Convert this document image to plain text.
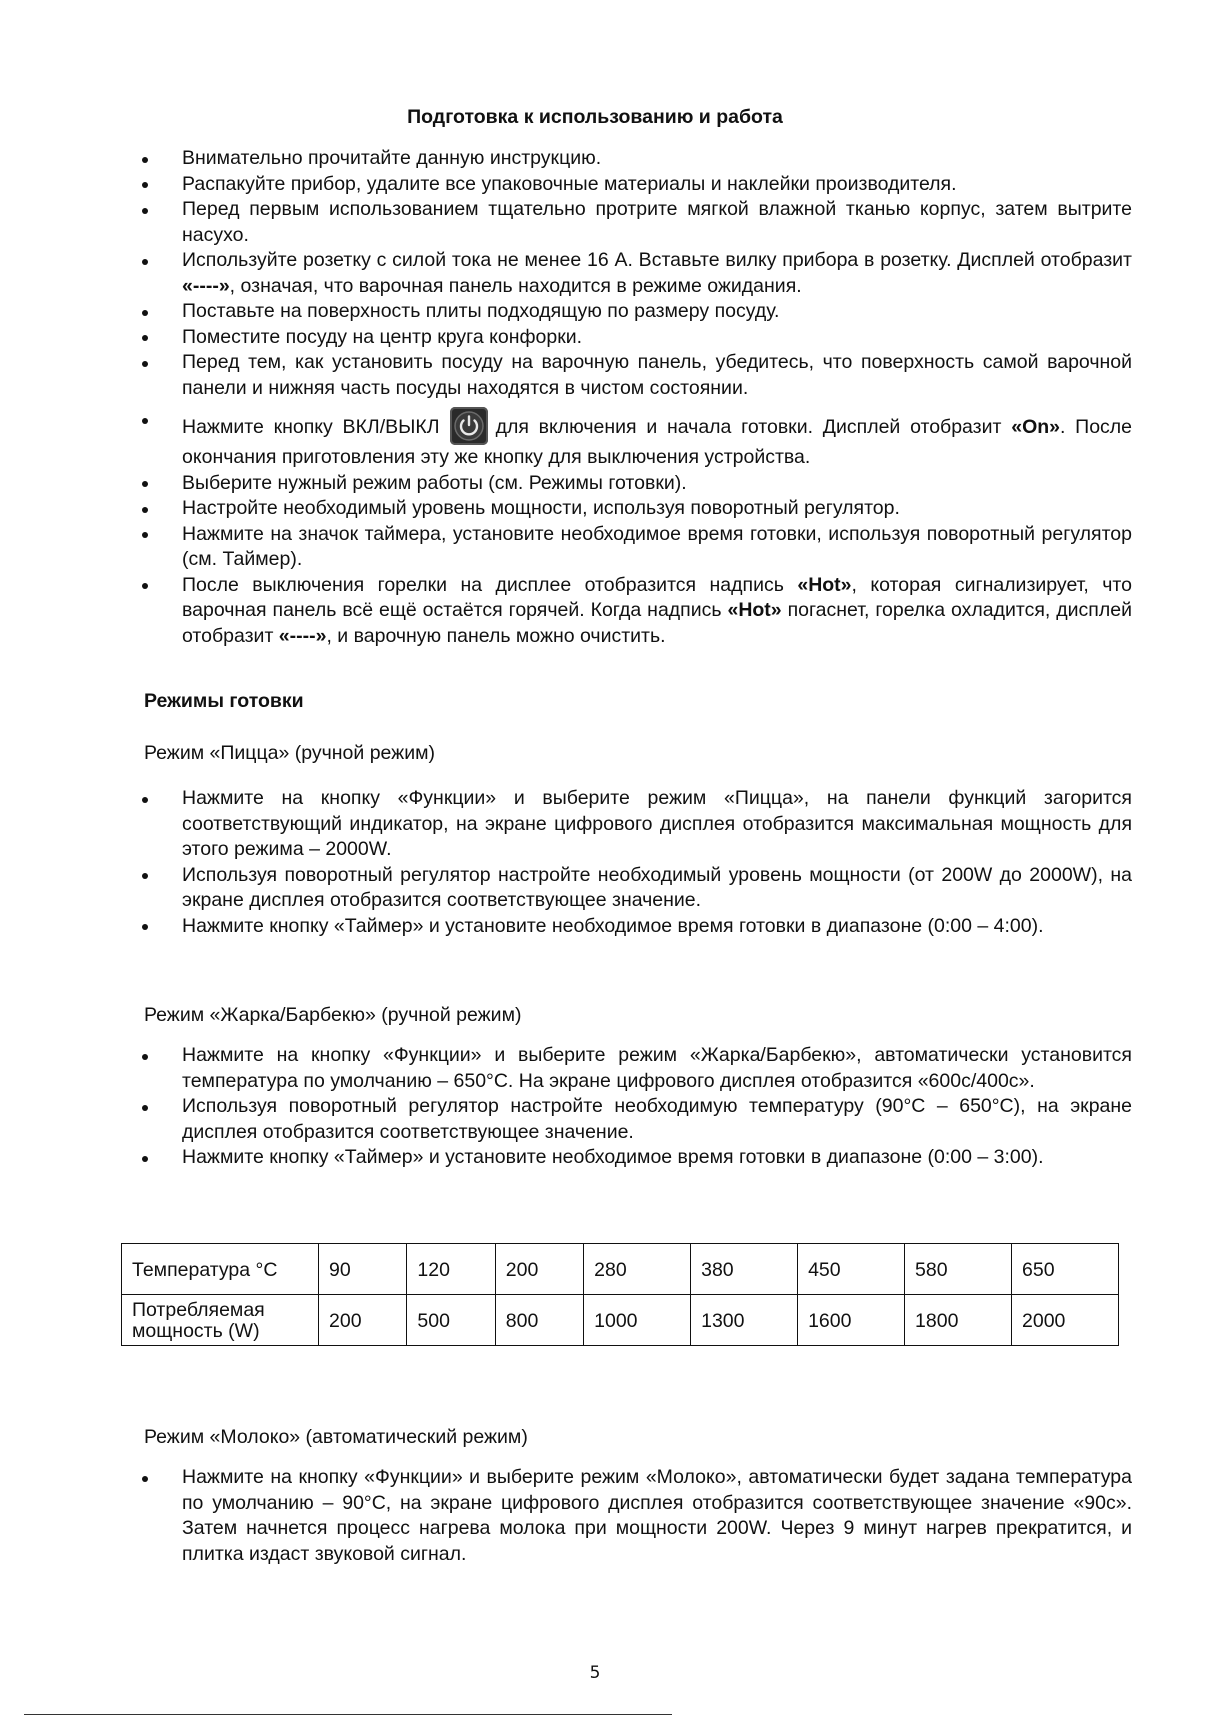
Подготовка к использованию и работа
Внимательно прочитайте данную инструкцию.
Распакуйте прибор, удалите все упаковочные материалы и наклейки производителя.
Перед первым использованием тщательно протрите мягкой влажной тканью корпус, затем вытрите насухо.
Используйте розетку с силой тока не менее 16 А. Вставьте вилку прибора в розетку. Дисплей отобразит «----», означая, что варочная панель находится в режиме ожидания.
Поставьте на поверхность плиты подходящую по размеру посуду.
Поместите посуду на центр круга конфорки.
Перед тем, как установить посуду на варочную панель, убедитесь, что поверхность самой варочной панели и нижняя часть посуды находятся в чистом состоянии.
Нажмите кнопку ВКЛ/ВЫКЛ	для включения и начала готовки. Дисплей отобразит «On». После окончания приготовления эту же кнопку для выключения устройства.
Выберите нужный режим работы (см. Режимы готовки).
Настройте необходимый уровень мощности, используя поворотный регулятор.
Нажмите на значок таймера, установите необходимое время готовки, используя поворотный регулятор (см. Таймер).
После выключения горелки на дисплее отобразится надпись «Hot», которая сигнализирует, что варочная панель всё ещё остаётся горячей. Когда надпись «Hot» погаснет, горелка охладится, дисплей отобразит «----», и варочную панель можно очистить.
Режимы готовки
Режим «Пицца» (ручной режим)
Нажмите на кнопку «Функции» и выберите режим «Пицца», на панели функций загорится соответствующий индикатор, на экране цифрового дисплея отобразится максимальная мощность для этого режима – 2000W.
Используя поворотный регулятор настройте необходимый уровень мощности (от 200W до 2000W), на экране дисплея отобразится соответствующее значение.
Нажмите кнопку «Таймер» и установите необходимое время готовки в диапазоне (0:00 – 4:00).
Режим «Жарка/Барбекю» (ручной режим)
Нажмите на кнопку «Функции» и выберите режим «Жарка/Барбекю», автоматически установится температура по умолчанию – 650°С. На экране цифрового дисплея отобразится «600c/400c».
Используя поворотный регулятор настройте необходимую температуру (90°С – 650°С), на экране дисплея отобразится соответствующее значение.
Нажмите кнопку «Таймер» и установите необходимое время готовки в диапазоне (0:00 – 3:00).
Температура °С	90	120	200	280	380	450	580	650
Потребляемая мощность (W)	200	500	800	1000	1300	1600	1800	2000
Режим «Молоко» (автоматический режим)
Нажмите на кнопку «Функции» и выберите режим «Молоко», автоматически будет задана температура по умолчанию – 90°С, на экране цифрового дисплея отобразится соответствующее значение «90c». Затем начнется процесс нагрева молока при мощности 200W. Через 9 минут нагрев прекратится, и плитка издаст звуковой сигнал.
5
